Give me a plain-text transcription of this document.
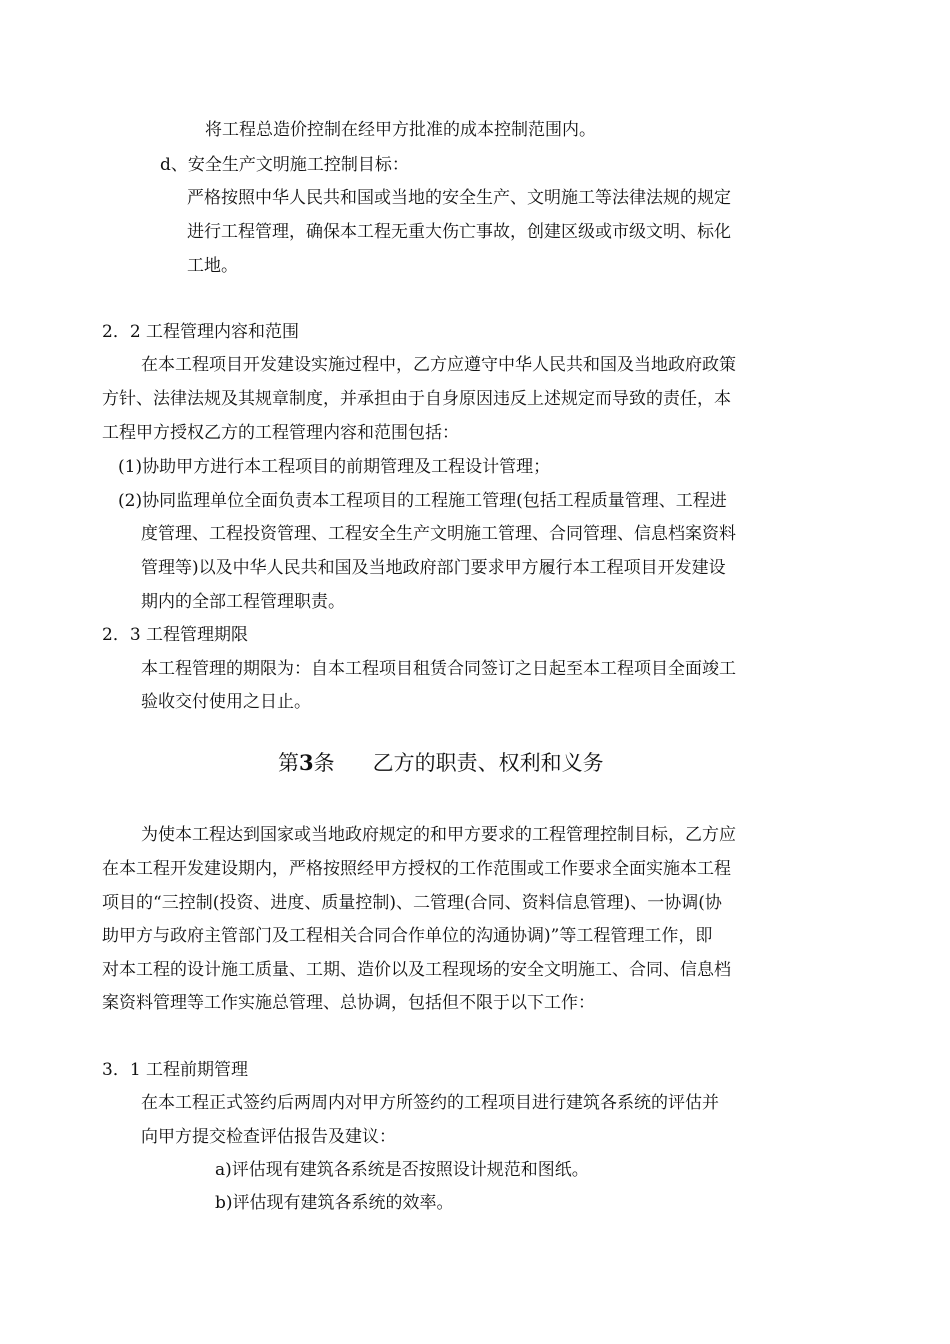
将工程总造价控制在经甲方批准的成本控制范围内。

d、安全生产文明施工控制目标：

严格按照中华人民共和国或当地的安全生产、文明施工等法律法规的规定

进行工程管理，确保本工程无重大伤亡事故，创建区级或市级文明、标化

工地。

2．2 工程管理内容和范围

在本工程项目开发建设实施过程中，乙方应遵守中华人民共和国及当地政府政策

方针、法律法规及其规章制度，并承担由于自身原因违反上述规定而导致的责任，本

工程甲方授权乙方的工程管理内容和范围包括：

(1)协助甲方进行本工程项目的前期管理及工程设计管理；

(2)协同监理单位全面负责本工程项目的工程施工管理(包括工程质量管理、工程进

度管理、工程投资管理、工程安全生产文明施工管理、合同管理、信息档案资料

管理等)以及中华人民共和国及当地政府部门要求甲方履行本工程项目开发建设

期内的全部工程管理职责。

2．3 工程管理期限

本工程管理的期限为：自本工程项目租赁合同签订之日起至本工程项目全面竣工

验收交付使用之日止。

第3条 乙方的职责、权利和义务

为使本工程达到国家或当地政府规定的和甲方要求的工程管理控制目标，乙方应

在本工程开发建设期内，严格按照经甲方授权的工作范围或工作要求全面实施本工程

项目的“三控制(投资、进度、质量控制)、二管理(合同、资料信息管理)、一协调(协

助甲方与政府主管部门及工程相关合同合作单位的沟通协调)”等工程管理工作，即

对本工程的设计施工质量、工期、造价以及工程现场的安全文明施工、合同、信息档

案资料管理等工作实施总管理、总协调，包括但不限于以下工作：

3．1 工程前期管理

在本工程正式签约后两周内对甲方所签约的工程项目进行建筑各系统的评估并

向甲方提交检查评估报告及建议：

a)评估现有建筑各系统是否按照设计规范和图纸。

b)评估现有建筑各系统的效率。
